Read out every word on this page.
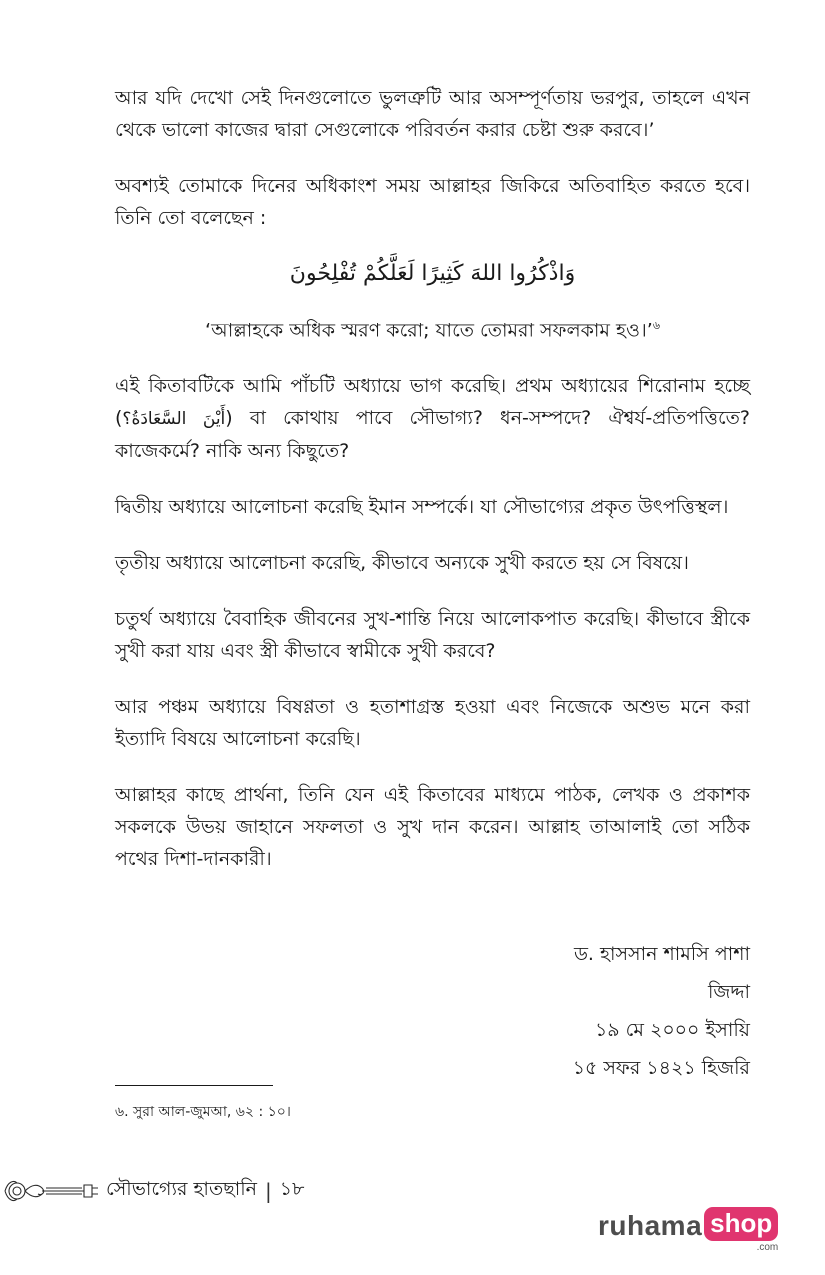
আর যদি দেখো সেই দিনগুলোতে ভুলত্রুটি আর অসম্পূর্ণতায় ভরপুর, তাহলে এখন থেকে ভালো কাজের দ্বারা সেগুলোকে পরিবর্তন করার চেষ্টা শুরু করবে।’

অবশ্যই তোমাকে দিনের অধিকাংশ সময় আল্লাহর জিকিরে অতিবাহিত করতে হবে। তিনি তো বলেছেন :

وَاذْكُرُوا اللهَ كَثِيرًا لَعَلَّكُمْ تُفْلِحُونَ

‘আল্লাহকে অধিক স্মরণ করো; যাতে তোমরা সফলকাম হও।’$^৬$

এই কিতাবটিকে আমি পাঁচটি অধ্যায়ে ভাগ করেছি। প্রথম অধ্যায়ের শিরোনাম হচ্ছে (أَيْنَ السَّعَادَةُ؟) বা কোথায় পাবে সৌভাগ্য? ধন-সম্পদে? ঐশ্বর্য-প্রতিপত্তিতে? কাজেকর্মে? নাকি অন্য কিছুতে?

দ্বিতীয় অধ্যায়ে আলোচনা করেছি ইমান সম্পর্কে। যা সৌভাগ্যের প্রকৃত উৎপত্তিস্থল।

তৃতীয় অধ্যায়ে আলোচনা করেছি, কীভাবে অন্যকে সুখী করতে হয় সে বিষয়ে।

চতুর্থ অধ্যায়ে বৈবাহিক জীবনের সুখ-শান্তি নিয়ে আলোকপাত করেছি। কীভাবে স্ত্রীকে সুখী করা যায় এবং স্ত্রী কীভাবে স্বামীকে সুখী করবে?

আর পঞ্চম অধ্যায়ে বিষণ্ণতা ও হতাশাগ্রস্ত হওয়া এবং নিজেকে অশুভ মনে করা ইত্যাদি বিষয়ে আলোচনা করেছি।

আল্লাহর কাছে প্রার্থনা, তিনি যেন এই কিতাবের মাধ্যমে পাঠক, লেখক ও প্রকাশক সকলকে উভয় জাহানে সফলতা ও সুখ দান করেন। আল্লাহ তাআলাই তো সঠিক পথের দিশা-দানকারী।

ড. হাসসান শামসি পাশা
জিদ্দা
১৯ মে ২০০০ ইসায়ি
১৫ সফর ১৪২১ হিজরি
৬. সুরা আল-জুমআ, ৬২ : ১০।
সৌভাগ্যের হাতছানি | ১৮
ruhama shop
.com
